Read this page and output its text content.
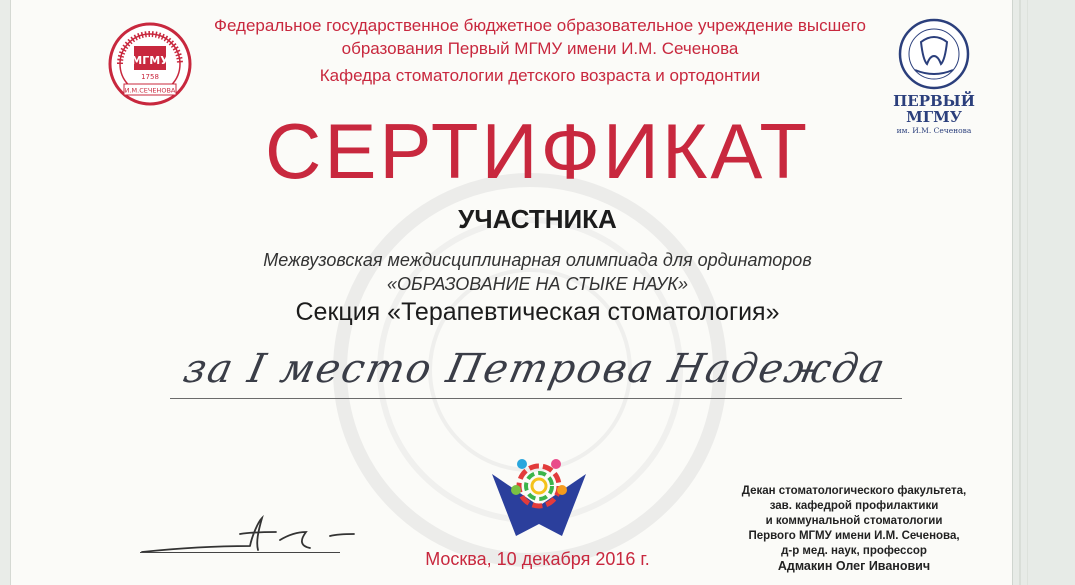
МГМУ
1758
И.М.СЕЧЕНОВА
ПЕРВЫЙ
МГМУ
им. И.М. Сеченова
Федеральное государственное бюджетное образовательное учреждение высшего
образования Первый МГМУ имени И.М. Сеченова
Кафедра стоматологии детского возраста и ортодонтии
СЕРТИФИКАТ
УЧАСТНИКА
Межвузовская междисциплинарная олимпиада для ординаторов
«ОБРАЗОВАНИЕ НА СТЫКЕ НАУК»
Секция «Терапевтическая стоматология»
за I место Петрова Надежда
Москва, 10 декабря 2016 г.
Декан стоматологического факультета,
зав. кафедрой профилактики
и коммунальной стоматологии
Первого МГМУ имени И.М. Сеченова,
д-р мед. наук, профессор
Адмакин Олег Иванович
